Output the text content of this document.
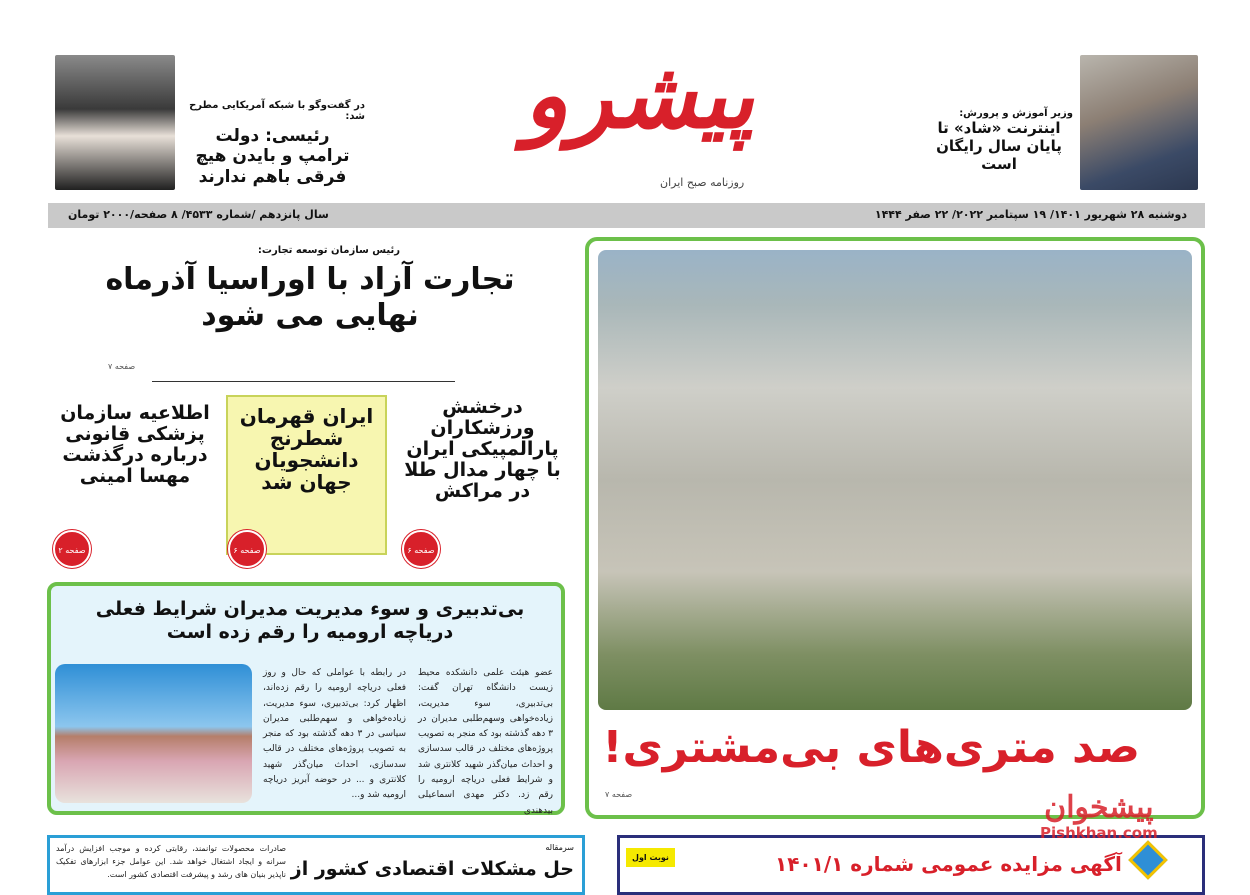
پیشرو
روزنامه صبح ایران
در گفت‌وگو با شبکه آمریکایی مطرح شد:
رئیسی: دولت ترامپ و بایدن هیچ فرقی باهم ندارند
وزیر آموزش و پرورش:
اینترنت «شاد» تا پایان سال رایگان است
دوشنبه ۲۸ شهریور ۱۴۰۱/ ۱۹ سپتامبر ۲۰۲۲/ ۲۲ صفر ۱۴۴۴
سال پانزدهم /شماره ۴۵۳۳/ ۸ صفحه/۲۰۰۰ تومان
صد متری‌های بی‌مشتری!
صفحه ۷
رئیس سازمان توسعه تجارت:
تجارت آزاد با اوراسیا آذرماه نهایی می شود
صفحه ۷
درخشش ورزشکاران پارالمپیکی ایران با چهار مدال طلا در مراکش
ایران قهرمان شطرنج دانشجویان جهان شد
اطلاعیه سازمان پزشکی قانونی درباره درگذشت مهسا امینی
صفحه ۶
صفحه ۶
صفحه ۲
بی‌تدبیری و سوء مدیریت مدیران شرایط فعلی دریاچه ارومیه را رقم زده است
عضو هیئت علمی دانشکده محیط زیست دانشگاه تهران گفت: بی‌تدبیری، سوء مدیریت، زیاده‌خواهی وسهم‌طلبی مدیران در ۳ دهه گذشته بود که منجر به تصویب پروژه‌های مختلف در قالب سدسازی و احداث میان‌گذر شهید کلانتری شد و شرایط فعلی دریاچه ارومیه را رقم زد. دکتر مهدی اسماعیلی بیدهندی
در رابطه با عواملی که حال و روز فعلی دریاچه ارومیه را رقم زده‌اند، اظهار کرد: بی‌تدبیری، سوء مدیریت، زیاده‌خواهی و سهم‌طلبی مدیران سیاسی در ۳ دهه گذشته بود که منجر به تصویب پروژه‌های مختلف در قالب سدسازی، احداث میان‌گذر شهید کلانتری و ... در حوضه آبریز دریاچه ارومیه شد و...
سرمقاله
حل مشکلات اقتصادی کشور از
صادرات محصولات توانمند، رقابتی کرده و موجب افزایش درآمد سرانه و ایجاد اشتغال خواهد شد. این عوامل جزء ابزارهای تفکیک ناپذیر بنیان های رشد و پیشرفت اقتصادی کشور است.
نوبت اول	آگهی مزایده عمومی شماره ۱۴۰۱/۱
پیشخوان
Pishkhan.com
